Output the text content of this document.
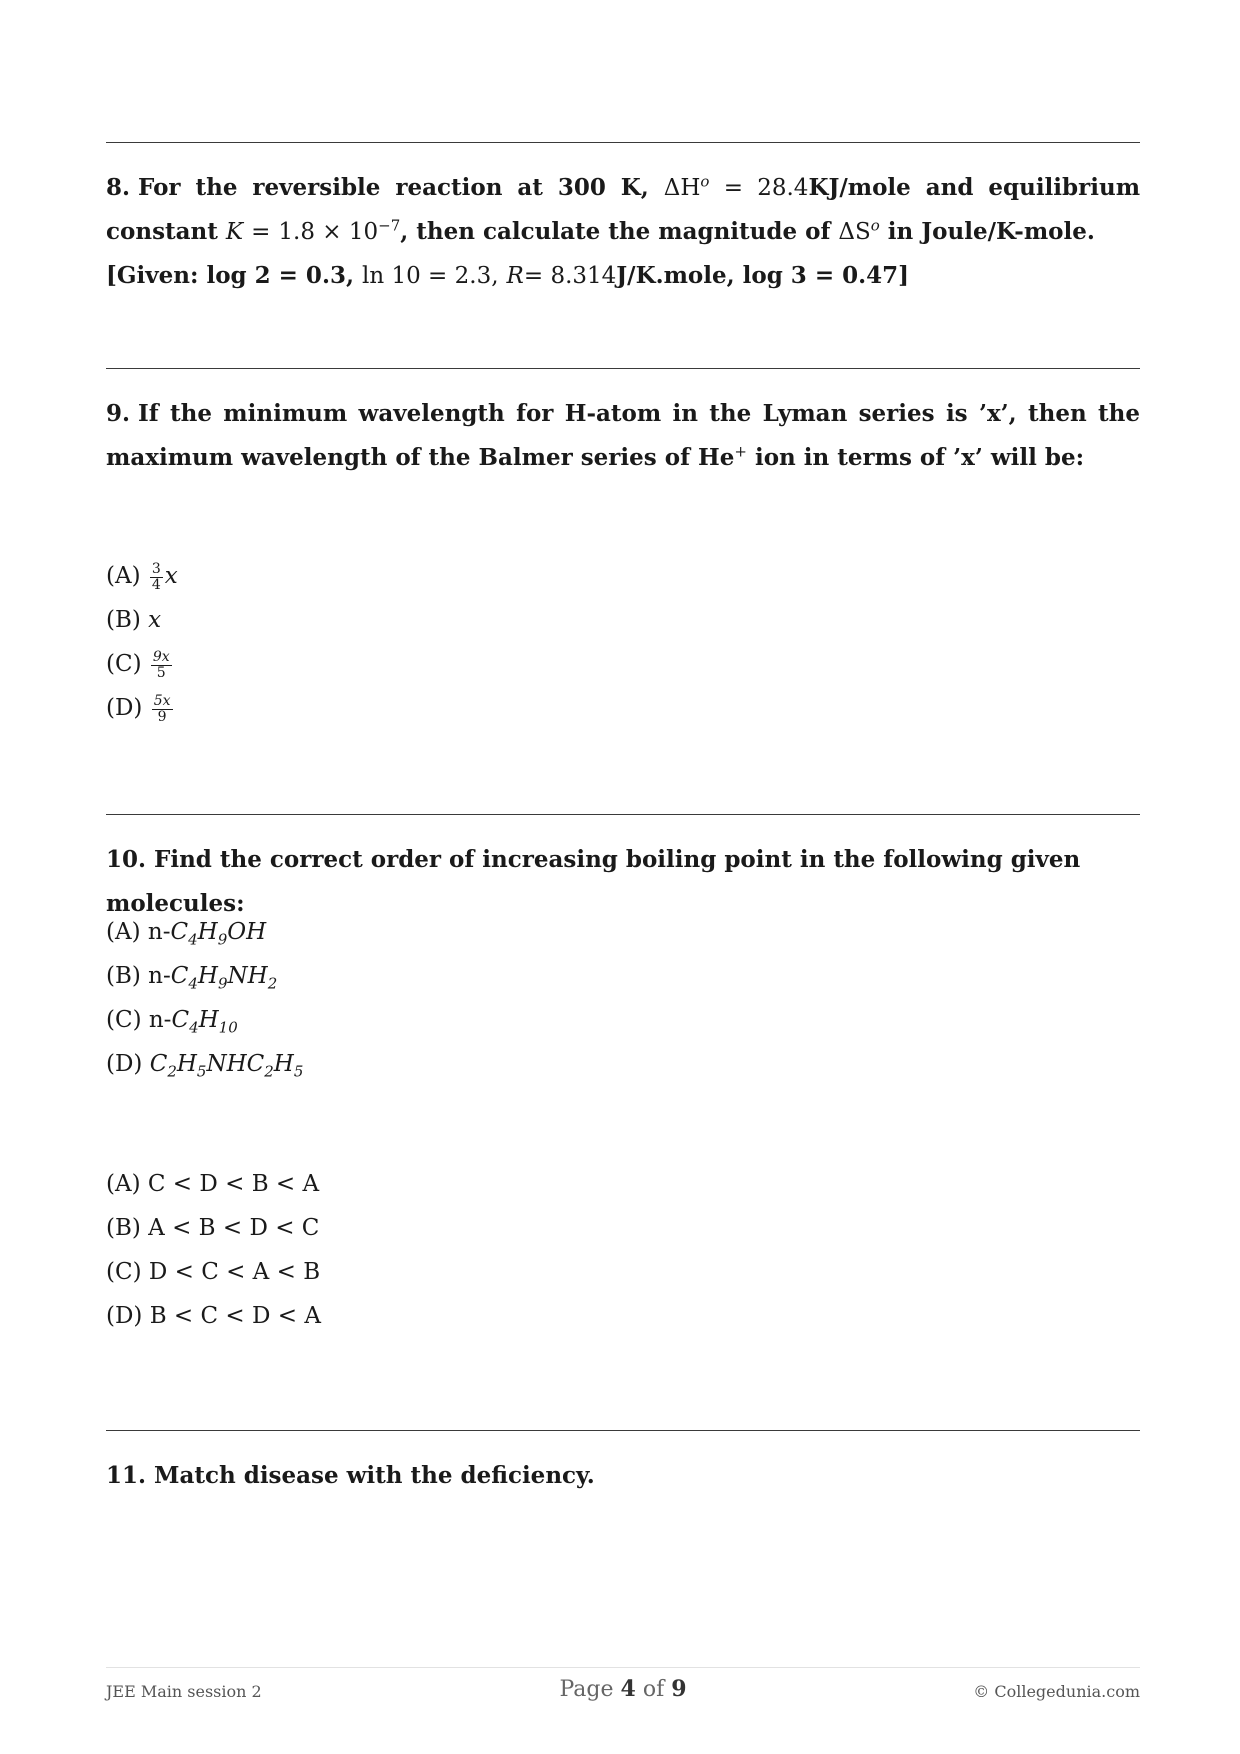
8. For the reversible reaction at 300 K, $\Delta H^o$ = 28.4KJ/mole and equilibrium constant $K = 1.8 \times 10^{-7}$, then calculate the magnitude of $\Delta S^o$ in Joule/K-mole.
[Given: log 2 = 0.3, ln 10 = 2.3, R= 8.314J/K.mole, log 3 = 0.47]
9. If the minimum wavelength for H-atom in the Lyman series is ’x’, then the maximum wavelength of the Balmer series of He+ ion in terms of ’x’ will be:
$(A) \frac{3}{4}$ x
(B) x
$(C) \frac{9x}{5}$
$(D) \frac{5x}{9}$
10. Find the correct order of increasing boiling point in the following given molecules:
(A) $n-C_4H_9OH$
(B) $n-C_4H_9NH_2$
(C) $n-C_4H_{10}$
(D) $C_2H_5NHC_2H_5$
(A) C < D < B < A
(B) A < B < D < C
(C) D < C < A < B
(D) B < C < D < A
11. Match disease with the deficiency.
JEE Main session 2	Page 4 of 9	© Collegedunia.com
